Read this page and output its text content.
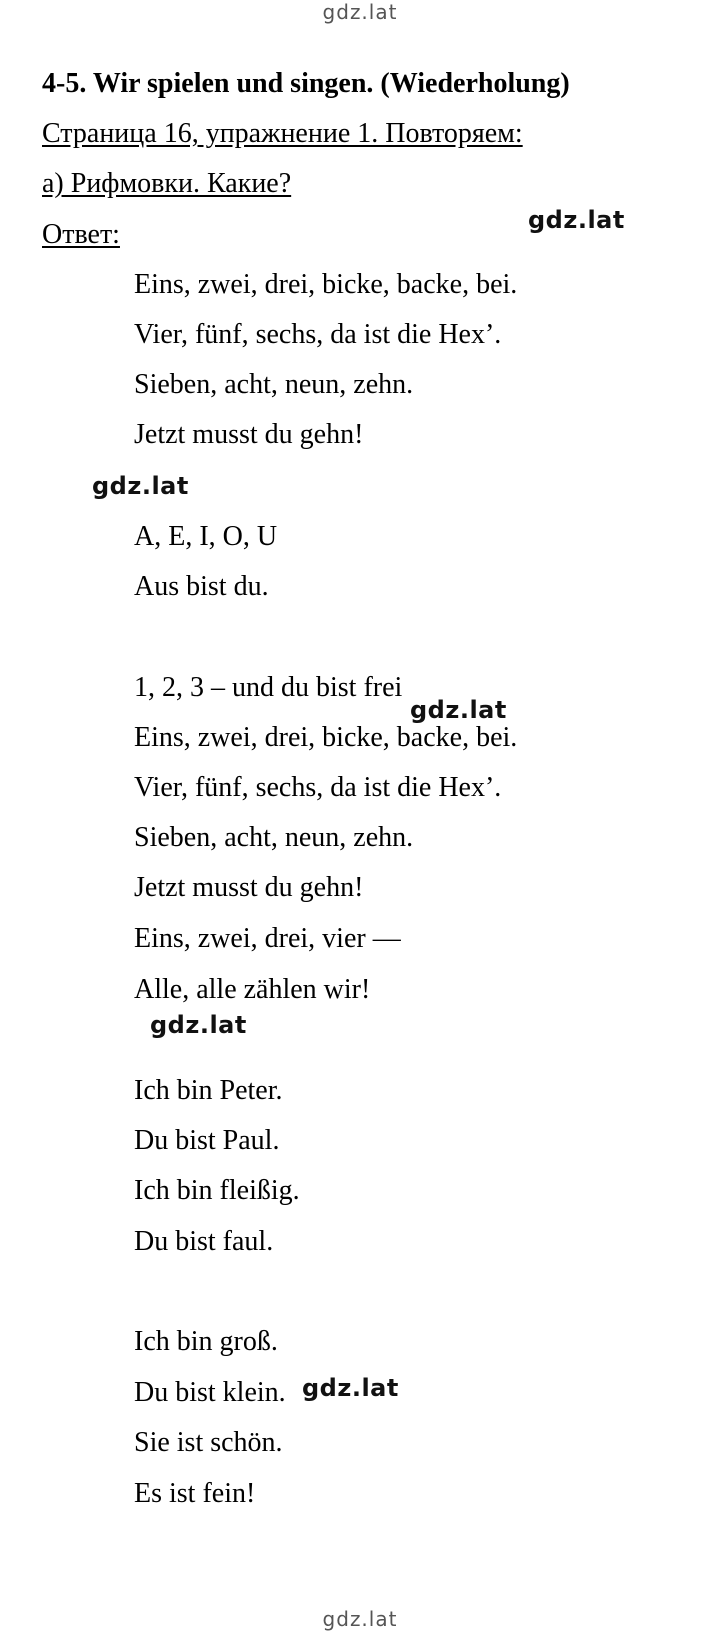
gdz.lat
4-5. Wir spielen und singen. (Wiederholung)
Страница 16, упражнение 1. Повторяем:
а) Рифмовки. Какие?
Ответ:	gdz.lat
Eins, zwei, drei, bicke, backe, bei.
Vier, fünf, sechs, da ist die Hex’.
Sieben, acht, neun, zehn.
Jetzt musst du gehn!
gdz.lat
A, E, I, O, U
Aus bist du.
1, 2, 3 – und du bist frei
gdz.lat
Eins, zwei, drei, bicke, backe, bei.
Vier, fünf, sechs, da ist die Hex’.
Sieben, acht, neun, zehn.
Jetzt musst du gehn!
Eins, zwei, drei, vier —
Alle, alle zählen wir!
gdz.lat
Ich bin Peter.
Du bist Paul.
Ich bin fleißig.
Du bist faul.
Ich bin groß.
Du bist klein. gdz.lat
Sie ist schön.
Es ist fein!
gdz.lat
